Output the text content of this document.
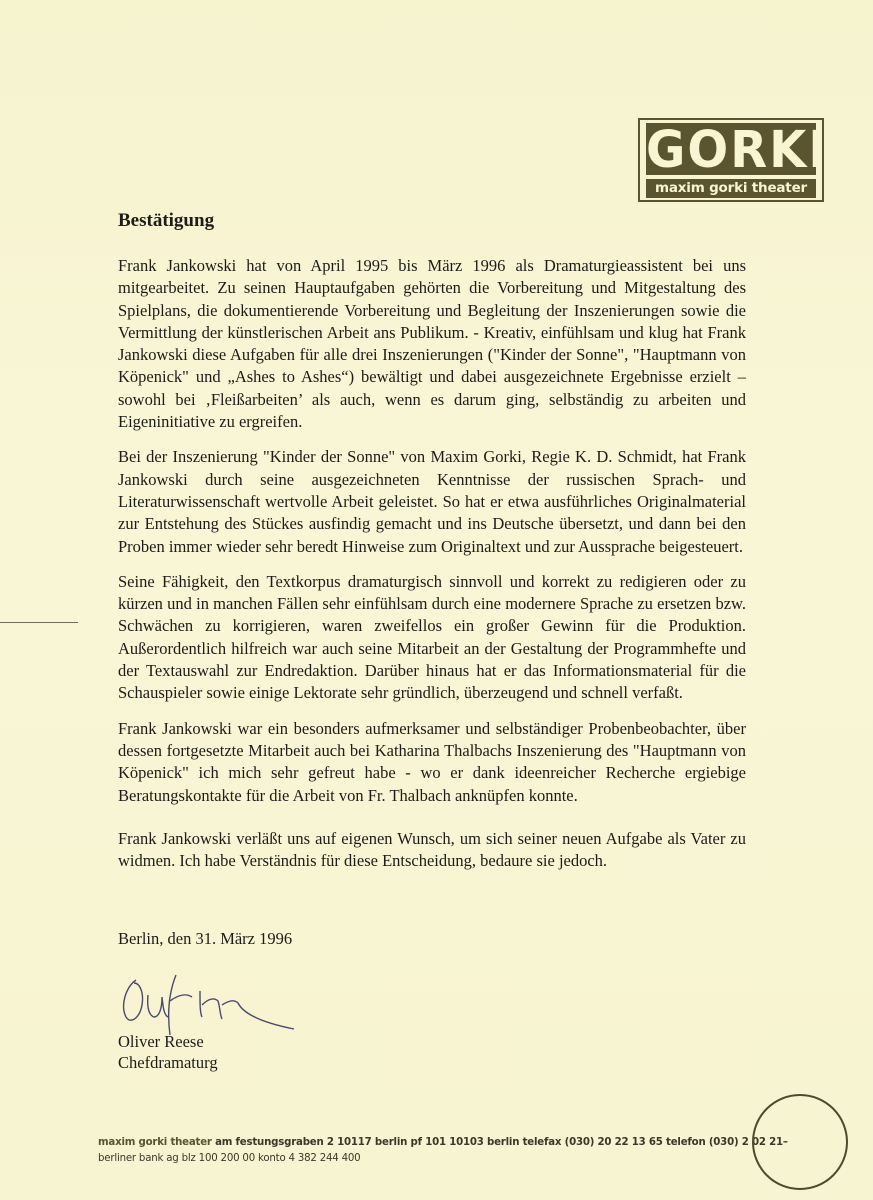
GORKI
maxim gorki theater
Bestätigung

Frank Jankowski hat von April 1995 bis März 1996 als Dramaturgieassistent bei uns mitgearbeitet. Zu seinen Hauptaufgaben gehörten die Vorbereitung und Mitgestaltung des Spielplans, die dokumentierende Vorbereitung und Begleitung der Inszenierungen sowie die Vermittlung der künstlerischen Arbeit ans Publikum. - Kreativ, einfühlsam und klug hat Frank Jankowski diese Aufgaben für alle drei Inszenierungen ("Kinder der Sonne", "Hauptmann von Köpenick" und „Ashes to Ashes“) bewältigt und dabei ausgezeichnete Ergebnisse erzielt – sowohl bei ‚Fleißarbeiten’ als auch, wenn es darum ging, selbständig zu arbeiten und Eigeninitiative zu ergreifen.

Bei der Inszenierung "Kinder der Sonne" von Maxim Gorki, Regie K. D. Schmidt, hat Frank Jankowski durch seine ausgezeichneten Kenntnisse der russischen Sprach- und Literaturwissenschaft wertvolle Arbeit geleistet. So hat er etwa ausführliches Originalmaterial zur Entstehung des Stückes ausfindig gemacht und ins Deutsche übersetzt, und dann bei den Proben immer wieder sehr beredt Hinweise zum Originaltext und zur Aussprache beigesteuert.

Seine Fähigkeit, den Textkorpus dramaturgisch sinnvoll und korrekt zu redigieren oder zu kürzen und in manchen Fällen sehr einfühlsam durch eine modernere Sprache zu ersetzen bzw. Schwächen zu korrigieren, waren zweifellos ein großer Gewinn für die Produktion. Außerordentlich hilfreich war auch seine Mitarbeit an der Gestaltung der Programmhefte und der Textauswahl zur Endredaktion. Darüber hinaus hat er das Informationsmaterial für die Schauspieler sowie einige Lektorate sehr gründlich, überzeugend und schnell verfaßt.

Frank Jankowski war ein besonders aufmerksamer und selbständiger Probenbeobachter, über dessen fortgesetzte Mitarbeit auch bei Katharina Thalbachs Inszenierung des "Hauptmann von Köpenick" ich mich sehr gefreut habe - wo er dank ideenreicher Recherche ergiebige Beratungskontakte für die Arbeit von Fr. Thalbach anknüpfen konnte.

Frank Jankowski verläßt uns auf eigenen Wunsch, um sich seiner neuen Aufgabe als Vater zu widmen. Ich habe Verständnis für diese Entscheidung, bedaure sie jedoch.

Berlin, den 31. März 1996
Oliver Reese
Chefdramaturg
maxim gorki theater am festungsgraben 2 10117 berlin pf 101 10103 berlin telefax (030) 20 22 13 65 telefon (030) 2 02 21–
berliner bank ag blz 100 200 00 konto 4 382 244 400
